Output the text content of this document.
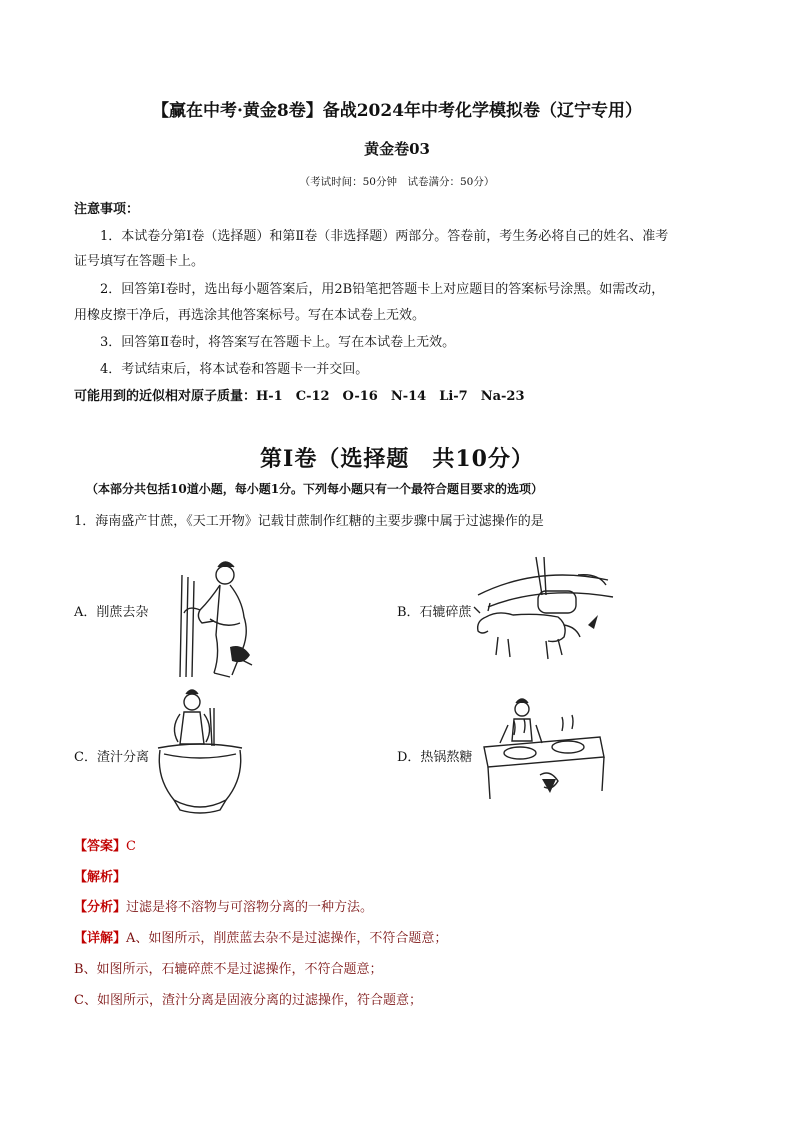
【赢在中考·黄金8卷】备战2024年中考化学模拟卷（辽宁专用）
黄金卷03
（考试时间：50分钟　试卷满分：50分）
注意事项：
1．本试卷分第Ⅰ卷（选择题）和第Ⅱ卷（非选择题）两部分。答卷前，考生务必将自己的姓名、准考
证号填写在答题卡上。
2．回答第Ⅰ卷时，选出每小题答案后，用2B铅笔把答题卡上对应题目的答案标号涂黑。如需改动，
用橡皮擦干净后，再选涂其他答案标号。写在本试卷上无效。
3．回答第Ⅱ卷时，将答案写在答题卡上。写在本试卷上无效。
4．考试结束后，将本试卷和答题卡一并交回。
可能用到的近似相对原子质量：H-1　C-12　O-16　N-14　Li-7　Na-23
第Ⅰ卷（选择题　共10分）
（本部分共包括10道小题，每小题1分。下列每小题只有一个最符合题目要求的选项）
1．海南盛产甘蔗，《天工开物》记载甘蔗制作红糖的主要步骤中属于过滤操作的是
A．削蔗去杂	B．石辘碎蔗
C．渣汁分离	D．热锅熬糖
【答案】C
【解析】
【分析】过滤是将不溶物与可溶物分离的一种方法。
【详解】A、如图所示，削蔗蓝去杂不是过滤操作，不符合题意；
B、如图所示，石辘碎蔗不是过滤操作，不符合题意；
C、如图所示，渣汁分离是固液分离的过滤操作，符合题意；
